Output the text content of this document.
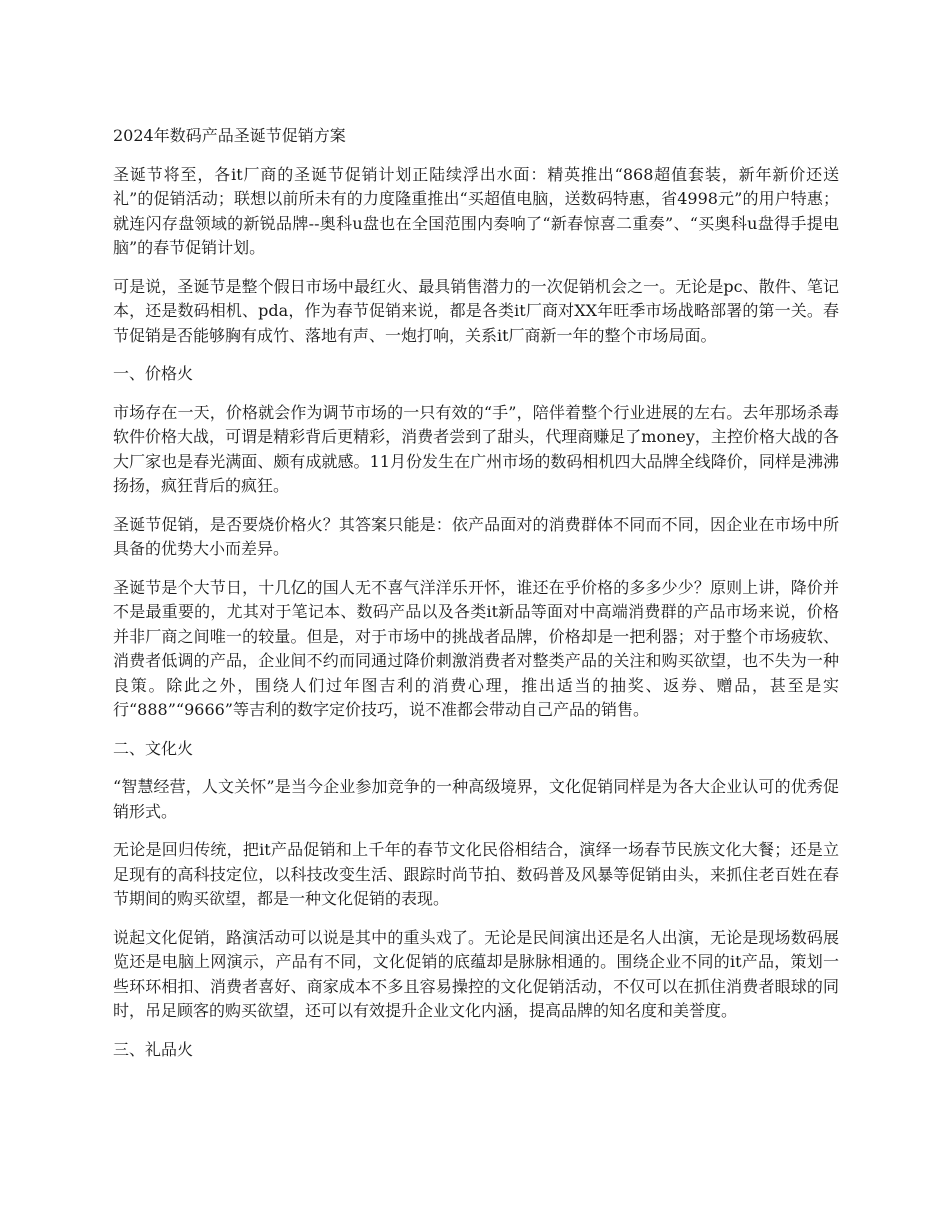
2024年数码产品圣诞节促销方案
圣诞节将至，各it厂商的圣诞节促销计划正陆续浮出水面：精英推出“868超值套装，新年新价还送礼”的促销活动；联想以前所未有的力度隆重推出“买超值电脑，送数码特惠，省4998元”的用户特惠；就连闪存盘领域的新锐品牌--奥科u盘也在全国范围内奏响了“新春惊喜二重奏”、“买奥科u盘得手提电脑”的春节促销计划。
可是说，圣诞节是整个假日市场中最红火、最具销售潜力的一次促销机会之一。无论是pc、散件、笔记本，还是数码相机、pda，作为春节促销来说，都是各类it厂商对XX年旺季市场战略部署的第一关。春节促销是否能够胸有成竹、落地有声、一炮打响，关系it厂商新一年的整个市场局面。
一、价格火
市场存在一天，价格就会作为调节市场的一只有效的“手”，陪伴着整个行业进展的左右。去年那场杀毒软件价格大战，可谓是精彩背后更精彩，消费者尝到了甜头，代理商赚足了money，主控价格大战的各大厂家也是春光满面、颇有成就感。11月份发生在广州市场的数码相机四大品牌全线降价，同样是沸沸扬扬，疯狂背后的疯狂。
圣诞节促销，是否要烧价格火？其答案只能是：依产品面对的消费群体不同而不同，因企业在市场中所具备的优势大小而差异。
圣诞节是个大节日，十几亿的国人无不喜气洋洋乐开怀，谁还在乎价格的多多少少？原则上讲，降价并不是最重要的，尤其对于笔记本、数码产品以及各类it新品等面对中高端消费群的产品市场来说，价格并非厂商之间唯一的较量。但是，对于市场中的挑战者品牌，价格却是一把利器；对于整个市场疲软、消费者低调的产品，企业间不约而同通过降价刺激消费者对整类产品的关注和购买欲望，也不失为一种良策。除此之外，围绕人们过年图吉利的消费心理，推出适当的抽奖、返券、赠品，甚至是实行“888”“9666”等吉利的数字定价技巧，说不准都会带动自己产品的销售。
二、文化火
“智慧经营，人文关怀”是当今企业参加竞争的一种高级境界，文化促销同样是为各大企业认可的优秀促销形式。
无论是回归传统，把it产品促销和上千年的春节文化民俗相结合，演绎一场春节民族文化大餐；还是立足现有的高科技定位，以科技改变生活、跟踪时尚节拍、数码普及风暴等促销由头，来抓住老百姓在春节期间的购买欲望，都是一种文化促销的表现。
说起文化促销，路演活动可以说是其中的重头戏了。无论是民间演出还是名人出演，无论是现场数码展览还是电脑上网演示，产品有不同，文化促销的底蕴却是脉脉相通的。围绕企业不同的it产品，策划一些环环相扣、消费者喜好、商家成本不多且容易操控的文化促销活动，不仅可以在抓住消费者眼球的同时，吊足顾客的购买欲望，还可以有效提升企业文化内涵，提高品牌的知名度和美誉度。
三、礼品火
